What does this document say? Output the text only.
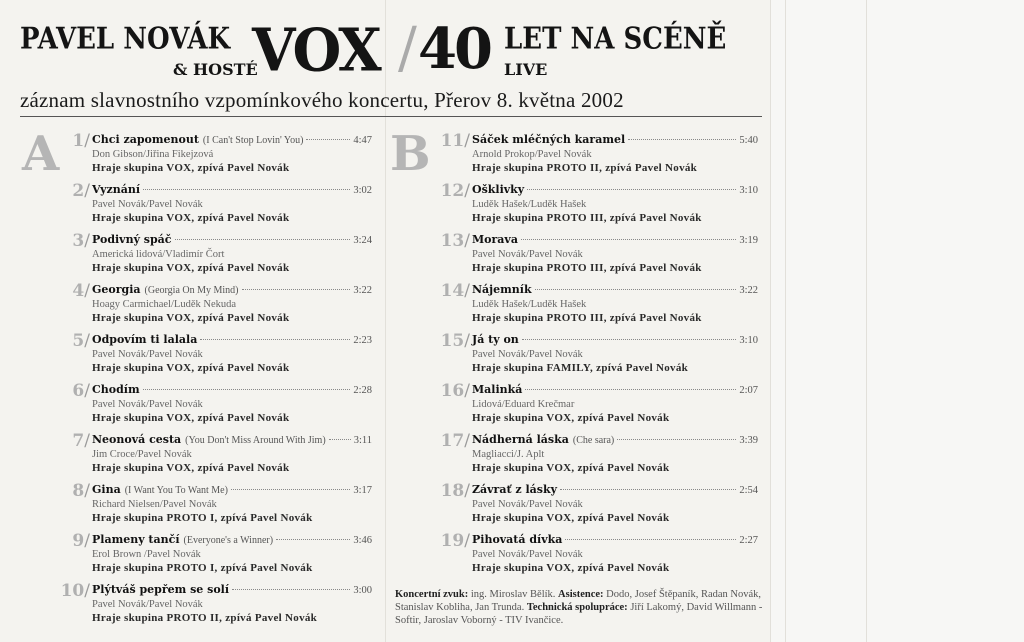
PAVEL NOVÁK
& HOSTÉ
VOX / 40 LET NA SCÉNĚ
LIVE
záznam slavnostního vzpomínkového koncertu, Přerov 8. května 2002
A	B
1/ Chci zapomenout (I Can't Stop Lovin' You)	4:47
Don Gibson/Jiřina Fikejzová
Hraje skupina VOX, zpívá Pavel Novák
2/ Vyznání	3:02
Pavel Novák/Pavel Novák
Hraje skupina VOX, zpívá Pavel Novák
3/ Podivný spáč	3:24
Americká lidová/Vladimír Čort
Hraje skupina VOX, zpívá Pavel Novák
4/ Georgia (Georgia On My Mind)	3:22
Hoagy Carmichael/Luděk Nekuda
Hraje skupina VOX, zpívá Pavel Novák
5/ Odpovím ti lalala	2:23
Pavel Novák/Pavel Novák
Hraje skupina VOX, zpívá Pavel Novák
6/ Chodím	2:28
Pavel Novák/Pavel Novák
Hraje skupina VOX, zpívá Pavel Novák
7/ Neonová cesta (You Don't Miss Around With Jim)	3:11
Jim Croce/Pavel Novák
Hraje skupina VOX, zpívá Pavel Novák
8/ Gina (I Want You To Want Me)	3:17
Richard Nielsen/Pavel Novák
Hraje skupina PROTO I, zpívá Pavel Novák
9/ Plameny tančí (Everyone's a Winner)	3:46
Erol Brown /Pavel Novák
Hraje skupina PROTO I, zpívá Pavel Novák
10/ Plýtváš pepřem se solí	3:00
Pavel Novák/Pavel Novák
Hraje skupina PROTO II, zpívá Pavel Novák
11/ Sáček mléčných karamel	5:40
Arnold Prokop/Pavel Novák
Hraje skupina PROTO II, zpívá Pavel Novák
12/ Ošklivky	3:10
Luděk Hašek/Luděk Hašek
Hraje skupina PROTO III, zpívá Pavel Novák
13/ Morava	3:19
Pavel Novák/Pavel Novák
Hraje skupina PROTO III, zpívá Pavel Novák
14/ Nájemník	3:22
Luděk Hašek/Luděk Hašek
Hraje skupina PROTO III, zpívá Pavel Novák
15/ Já ty on	3:10
Pavel Novák/Pavel Novák
Hraje skupina FAMILY, zpívá Pavel Novák
16/ Malinká	2:07
Lidová/Eduard Krečmar
Hraje skupina VOX, zpívá Pavel Novák
17/ Nádherná láska (Che sara)	3:39
Magliacci/J. Aplt
Hraje skupina VOX, zpívá Pavel Novák
18/ Závrať z lásky	2:54
Pavel Novák/Pavel Novák
Hraje skupina VOX, zpívá Pavel Novák
19/ Pihovatá dívka	2:27
Pavel Novák/Pavel Novák
Hraje skupina VOX, zpívá Pavel Novák
Koncertní zvuk: ing. Miroslav Bělík. Asistence: Dodo, Josef Štěpaník, Radan Novák, Stanislav Kobliha, Jan Trunda. Technická spolupráce: Jiří Lakomý, David Willmann - Softir, Jaroslav Voborný - TIV Ivančice.
